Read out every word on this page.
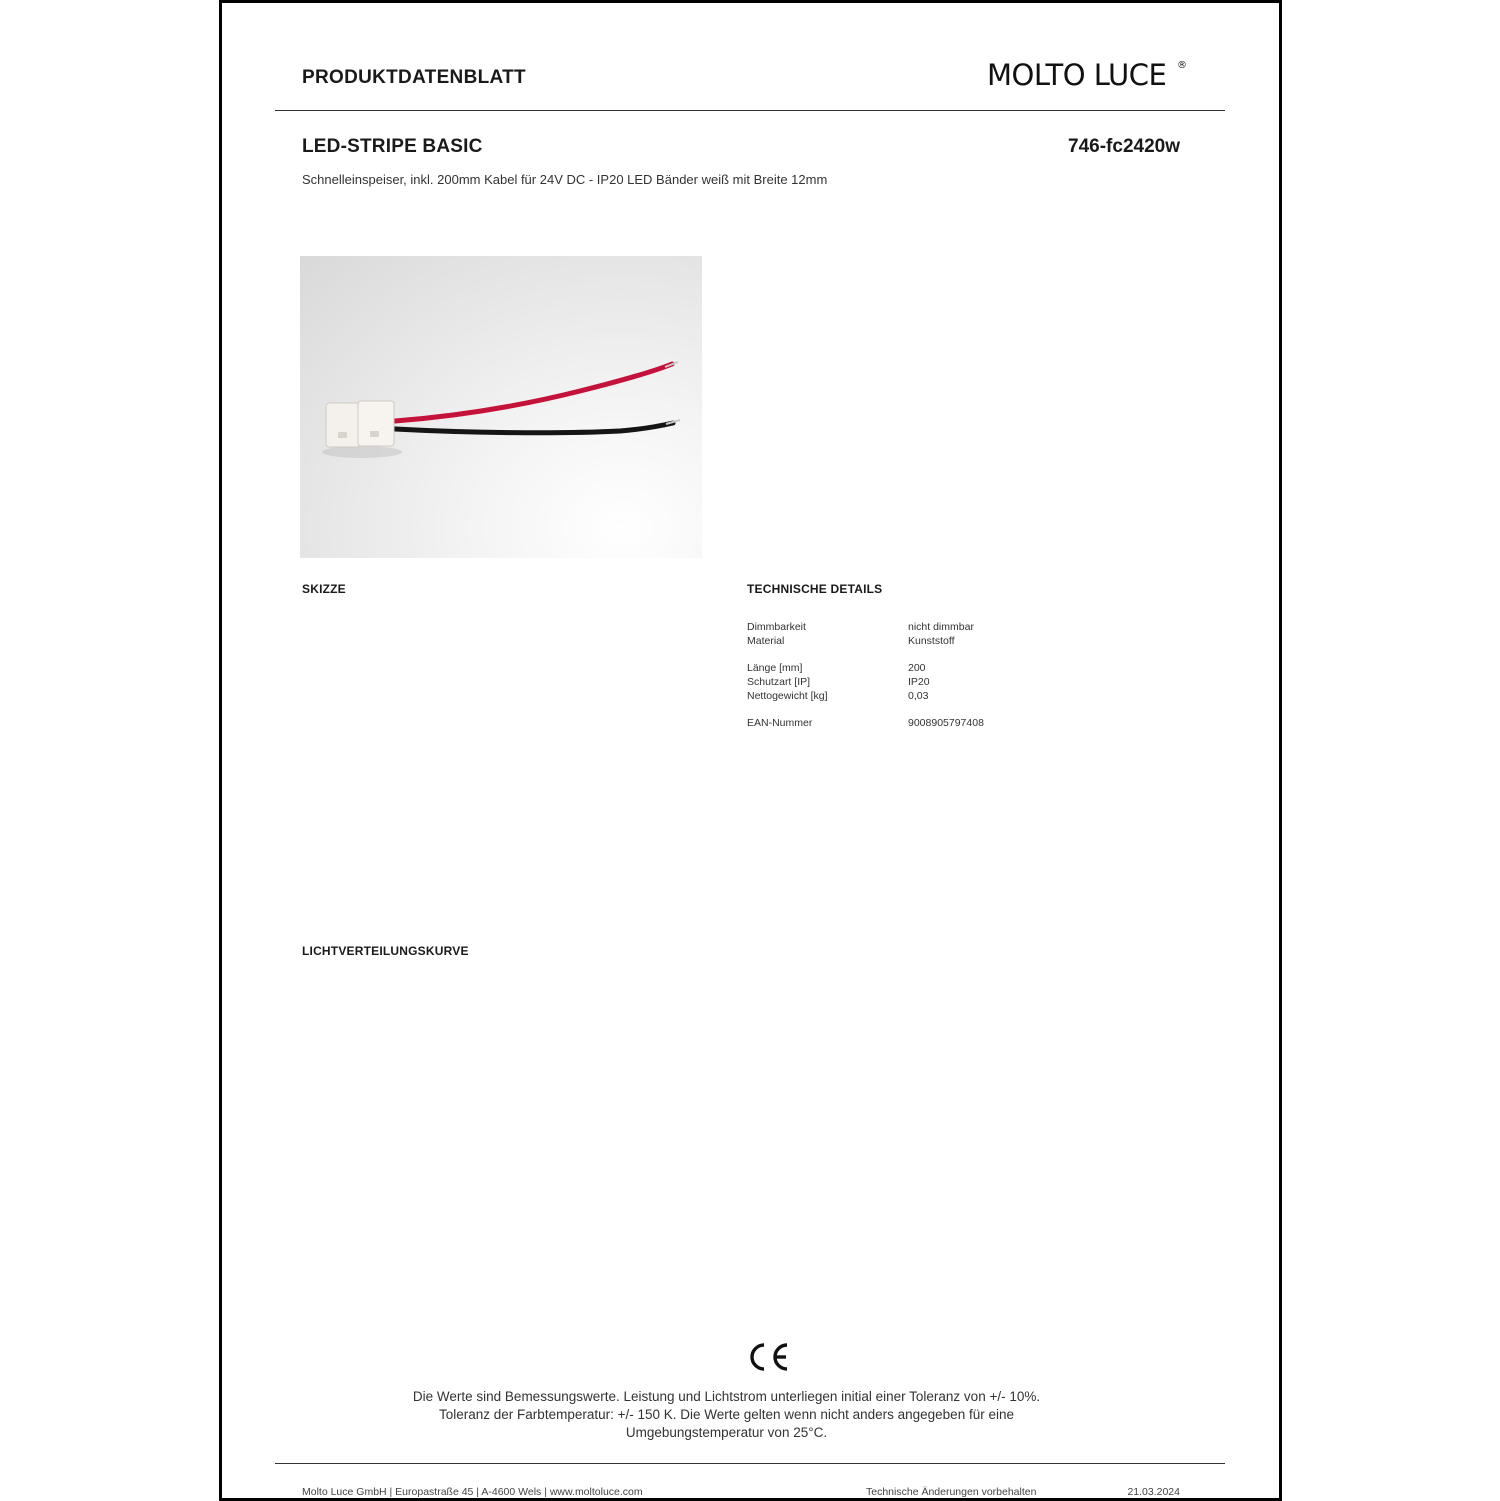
PRODUKTDATENBLATT	MOLTO LUCE ®
LED-STRIPE BASIC	746-fc2420w
Schnelleinspeiser, inkl. 200mm Kabel für 24V DC - IP20 LED Bänder weiß mit Breite 12mm
SKIZZE	TECHNISCHE DETAILS
Dimmbarkeit	nicht dimmbar
Material	Kunststoff
Länge [mm]	200
Schutzart [IP]	IP20
Nettogewicht [kg]	0,03
EAN-Nummer	9008905797408
LICHTVERTEILUNGSKURVE
Die Werte sind Bemessungswerte. Leistung und Lichtstrom unterliegen initial einer Toleranz von +/- 10%.
Toleranz der Farbtemperatur: +/- 150 K. Die Werte gelten wenn nicht anders angegeben für eine
Umgebungstemperatur von 25°C.
Molto Luce GmbH | Europastraße 45 | A-4600 Wels | www.moltoluce.com	Technische Änderungen vorbehalten	21.03.2024
